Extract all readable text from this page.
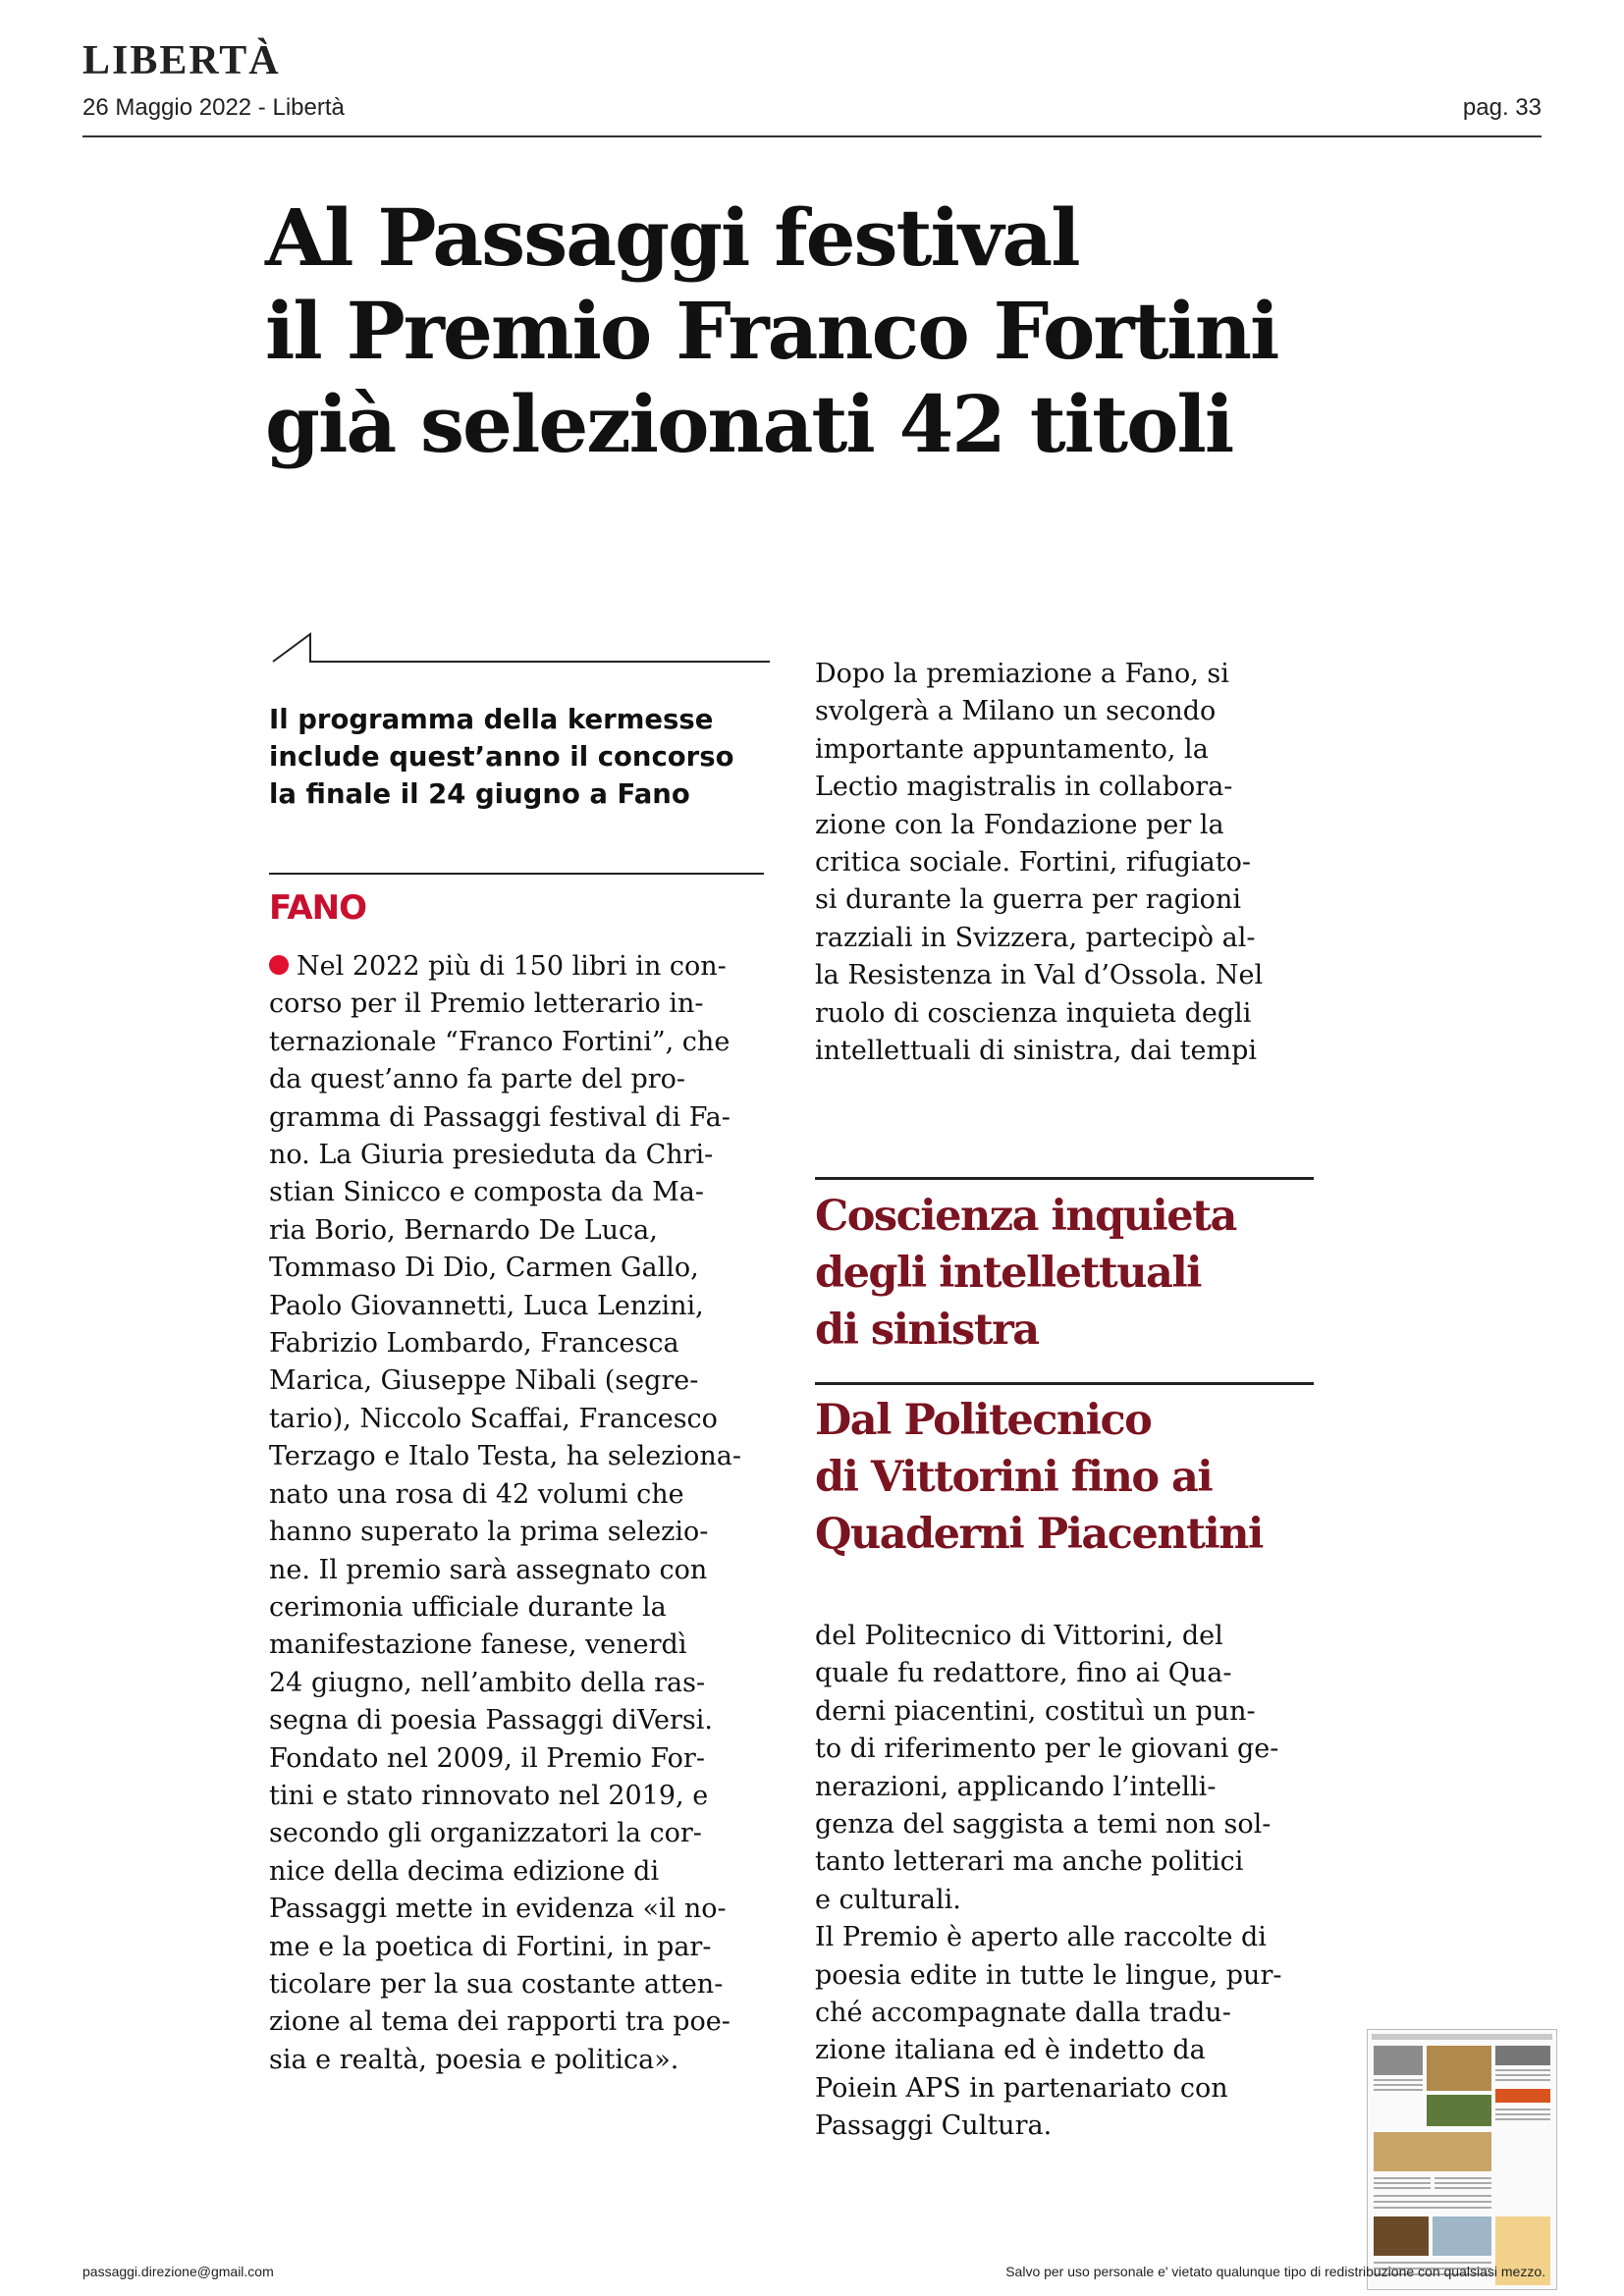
LIBERTÀ
26 Maggio 2022 - Libertà	pag. 33
Al Passaggi festival
il Premio Franco Fortini
già selezionati 42 titoli
Il programma della kermesse
include quest’anno il concorso
la finale il 24 giugno a Fano
FANO
Nel 2022 più di 150 libri in con-
corso per il Premio letterario in-
ternazionale “Franco Fortini”, che
da quest’anno fa parte del pro-
gramma di Passaggi festival di Fa-
no. La Giuria presieduta da Chri-
stian Sinicco e composta da Ma-
ria Borio, Bernardo De Luca,
Tommaso Di Dio, Carmen Gallo,
Paolo Giovannetti, Luca Lenzini,
Fabrizio Lombardo, Francesca
Marica, Giuseppe Nibali (segre-
tario), Niccolo Scaffai, Francesco
Terzago e Italo Testa, ha seleziona-
nato una rosa di 42 volumi che
hanno superato la prima selezio-
ne. Il premio sarà assegnato con
cerimonia ufficiale durante la
manifestazione fanese, venerdì
24 giugno, nell’ambito della ras-
segna di poesia Passaggi diVersi.
Fondato nel 2009, il Premio For-
tini e stato rinnovato nel 2019, e
secondo gli organizzatori la cor-
nice della decima edizione di
Passaggi mette in evidenza «il no-
me e la poetica di Fortini, in par-
ticolare per la sua costante atten-
zione al tema dei rapporti tra poe-
sia e realtà, poesia e politica».
Dopo la premiazione a Fano, si
svolgerà a Milano un secondo
importante appuntamento, la
Lectio magistralis in collabora-
zione con la Fondazione per la
critica sociale. Fortini, rifugiato-
si durante la guerra per ragioni
razziali in Svizzera, partecipò al-
la Resistenza in Val d’Ossola. Nel
ruolo di coscienza inquieta degli
intellettuali di sinistra, dai tempi
Coscienza inquieta
degli intellettuali
di sinistra
Dal Politecnico
di Vittorini fino ai
Quaderni Piacentini
del Politecnico di Vittorini, del
quale fu redattore, fino ai Qua-
derni piacentini, costituì un pun-
to di riferimento per le giovani ge-
nerazioni, applicando l’intelli-
genza del saggista a temi non sol-
tanto letterari ma anche politici
e culturali.
Il Premio è aperto alle raccolte di
poesia edite in tutte le lingue, pur-
ché accompagnate dalla tradu-
zione italiana ed è indetto da
Poiein APS in partenariato con
Passaggi Cultura.
passaggi.direzione@gmail.com	Salvo per uso personale e' vietato qualunque tipo di redistribuzione con qualsiasi mezzo.
